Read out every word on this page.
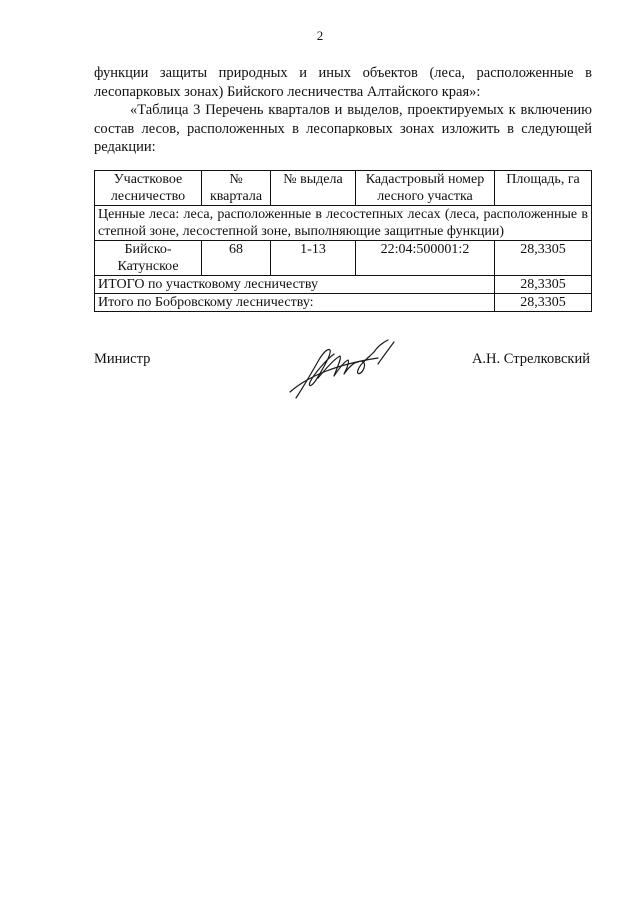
2

функции защиты природных и иных объектов (леса, расположенные в лесопарковых зонах) Бийского лесничества Алтайского края»:

«Таблица 3 Перечень кварталов и выделов, проектируемых к включению состав лесов, расположенных в лесопарковых зонах изложить в следующей редакции:

Участковое лесничество	№ квартала	№ выдела	Кадастровый номер лесного участка	Площадь, га
Ценные леса: леса, расположенные в лесостепных лесах (леса, расположенные в степной зоне, лесостепной зоне, выполняющие защитные функции)				
Бийско-Катунское	68	1-13	22:04:500001:2	28,3305
ИТОГО по участковому лесничеству				28,3305
Итого по Бобровскому лесничеству:				28,3305
Министр	А.Н. Стрелковский
